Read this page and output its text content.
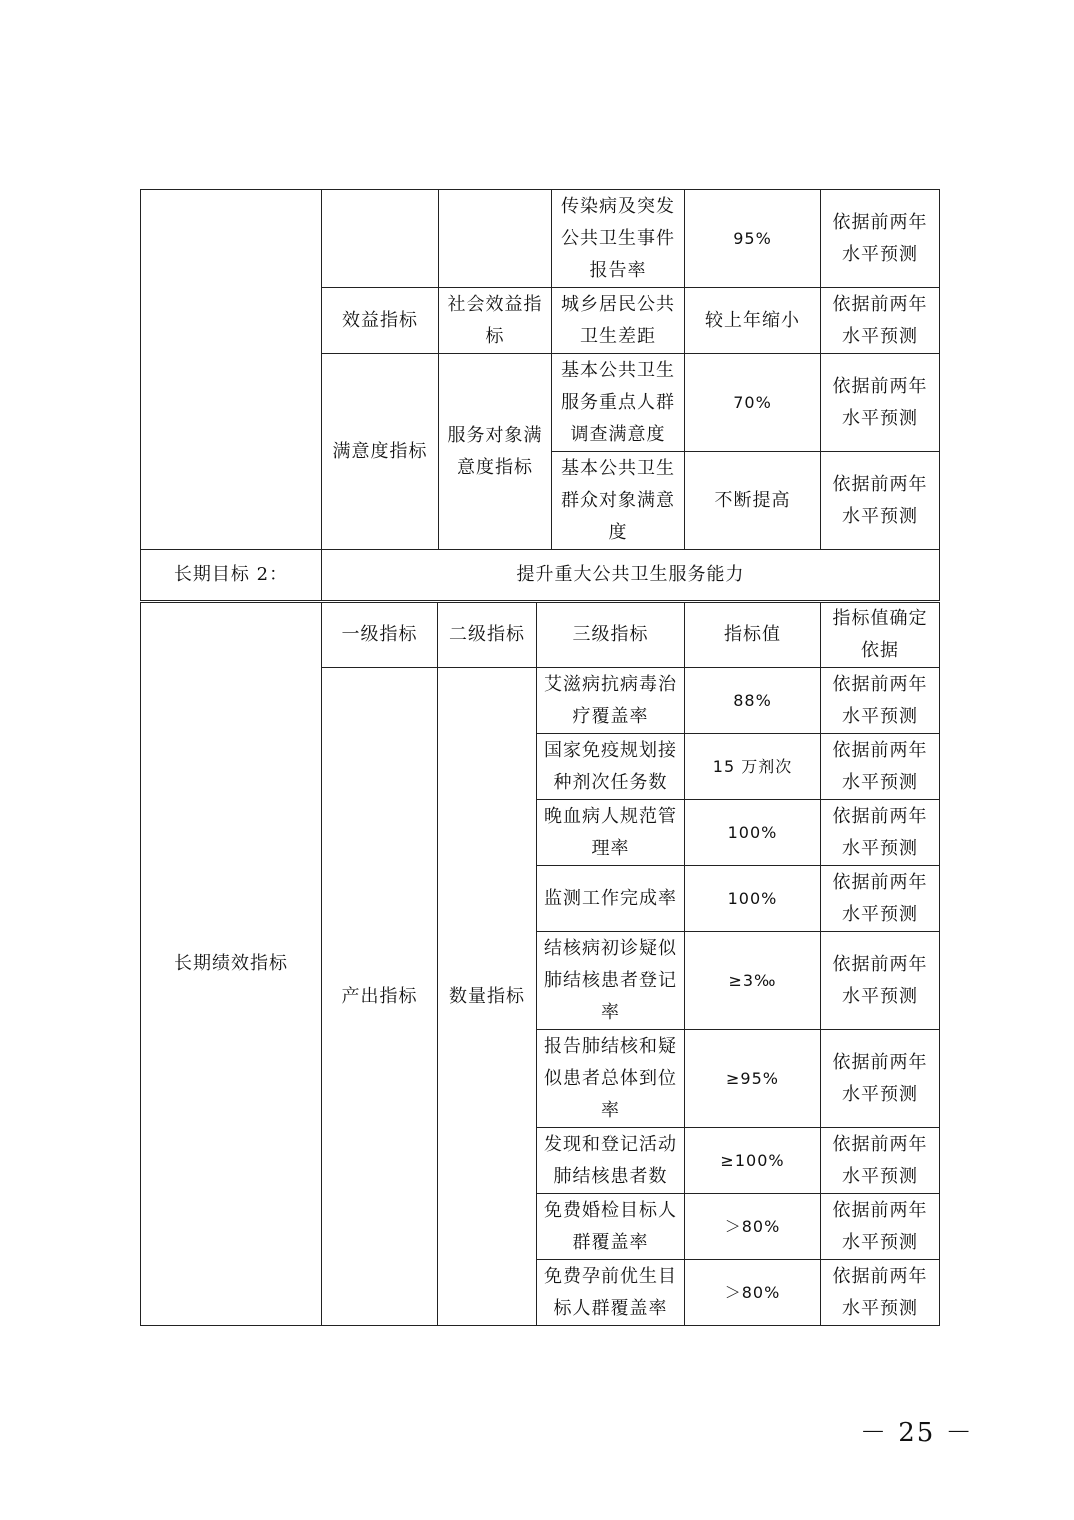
			传染病及突发公共卫生事件报告率	95%	依据前两年水平预测
	效益指标	社会效益指标	城乡居民公共卫生差距	较上年缩小	依据前两年水平预测
	满意度指标	服务对象满意度指标	基本公共卫生服务重点人群调查满意度	70%	依据前两年水平预测
			基本公共卫生群众对象满意度	不断提高	依据前两年水平预测
长期目标 2：	提升重大公共卫生服务能力				
长期绩效指标	一级指标	二级指标	三级指标	指标值	指标值确定依据
	产出指标	数量指标	艾滋病抗病毒治疗覆盖率	88%	依据前两年水平预测
			国家免疫规划接种剂次任务数	15 万剂次	依据前两年水平预测
			晚血病人规范管理率	100%	依据前两年水平预测
			监测工作完成率	100%	依据前两年水平预测
			结核病初诊疑似肺结核患者登记率	≥3‰	依据前两年水平预测
			报告肺结核和疑似患者总体到位率	≥95%	依据前两年水平预测
			发现和登记活动肺结核患者数	≥100%	依据前两年水平预测
			免费婚检目标人群覆盖率	＞80%	依据前两年水平预测
			免费孕前优生目标人群覆盖率	＞80%	依据前两年水平预测
－ 25 －
